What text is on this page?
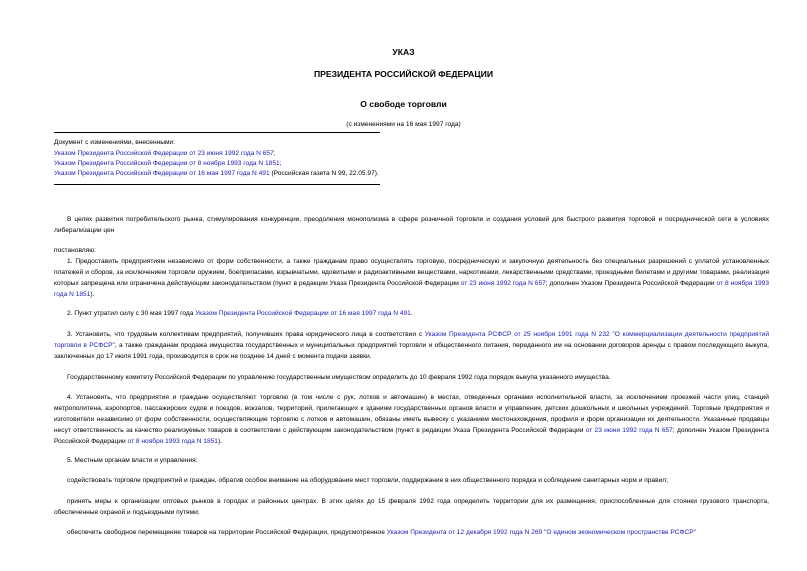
УКАЗ
ПРЕЗИДЕНТА РОССИЙСКОЙ ФЕДЕРАЦИИ
О свободе торговли
(с изменениями на 16 мая 1997 года)
Документ с изменениями, внесенными:
Указом Президента Российской Федерации от 23 июня 1992 года N 657;
Указом Президента Российской Федерации от 8 ноября 1993 года N 1851;
Указом Президента Российской Федерации от 16 мая 1997 года N 491 (Российская газета N 99, 22.05.97).
В целях развития потребительского рынка, стимулирования конкуренции, преодоления монополизма в сфере розничной торговли и создания условий для быстрого развития торговой и посреднической сети в условиях либерализации цен
постановляю:
1. Предоставить предприятиям независимо от форм собственности, а также гражданам право осуществлять торговую, посредническую и закупочную деятельность без специальных разрешений с уплатой установленных платежей и сборов, за исключением торговли оружием, боеприпасами, взрывчатыми, ядовитыми и радиоактивными веществами, наркотиками, лекарственными средствами, проездными билетами и другими товарами, реализация которых запрещена или ограничена действующим законодательством (пункт в редакции Указа Президента Российской Федерации от 23 июня 1992 года N 657; дополнен Указом Президента Российской Федерации от 8 ноября 1993 года N 1851).
2. Пункт утратил силу с 30 мая 1997 года Указом Президента Российской Федерации от 16 мая 1997 года N 491.
3. Установить, что трудовым коллективам предприятий, получивших права юридического лица в соответствии с Указом Президента РСФСР от 25 ноября 1991 года N 232 "О коммерциализации деятельности предприятий торговли в РСФСР", а также гражданам продажа имущества государственных и муниципальных предприятий торговли и общественного питания, переданного им на основании договоров аренды с правом последующего выкупа, заключенных до 17 июля 1991 года, производится в срок не позднее 14 дней с момента подачи заявки.
Государственному комитету Российской Федерации по управлению государственным имуществом определить до 10 февраля 1992 года порядок выкупа указанного имущества.
4. Установить, что предприятия и граждане осуществляют торговлю (в том числе с рук, лотков и автомашин) в местах, отведенных органами исполнительной власти, за исключением проезжей части улиц, станций метрополитена, аэропортов, пассажирских судов и поездов, вокзалов, территорий, прилегающих к зданиям государственных органов власти и управления, детских дошкольных и школьных учреждений. Торговые предприятия и изготовители независимо от форм собственности, осуществляющие торговлю с лотков и автомашин, обязаны иметь вывеску с указанием местонахождения, профиля и форм организации их деятельности. Указанные продавцы несут ответственность за качество реализуемых товаров в соответствии с действующим законодательством (пункт в редакции Указа Президента Российской Федерации от 23 июня 1992 года N 657; дополнен Указом Президента Российской Федерации от 8 ноября 1993 года N 1851).
5. Местным органам власти и управления:
содействовать торговле предприятий и граждан, обратив особое внимание на оборудование мест торговли, поддержание в них общественного порядка и соблюдение санитарных норм и правил;
принять меры к организации оптовых рынков в городах и районных центрах. В этих целях до 15 февраля 1992 года определить территории для их размещения, приспособленные для стоянки грузового транспорта, обеспеченные охраной и подъездными путями;
обеспечить свободное перемещение товаров на территории Российской Федерации, предусмотренное Указом Президента от 12 декабря 1992 года N 269 "О едином экономическом пространстве РСФСР"
